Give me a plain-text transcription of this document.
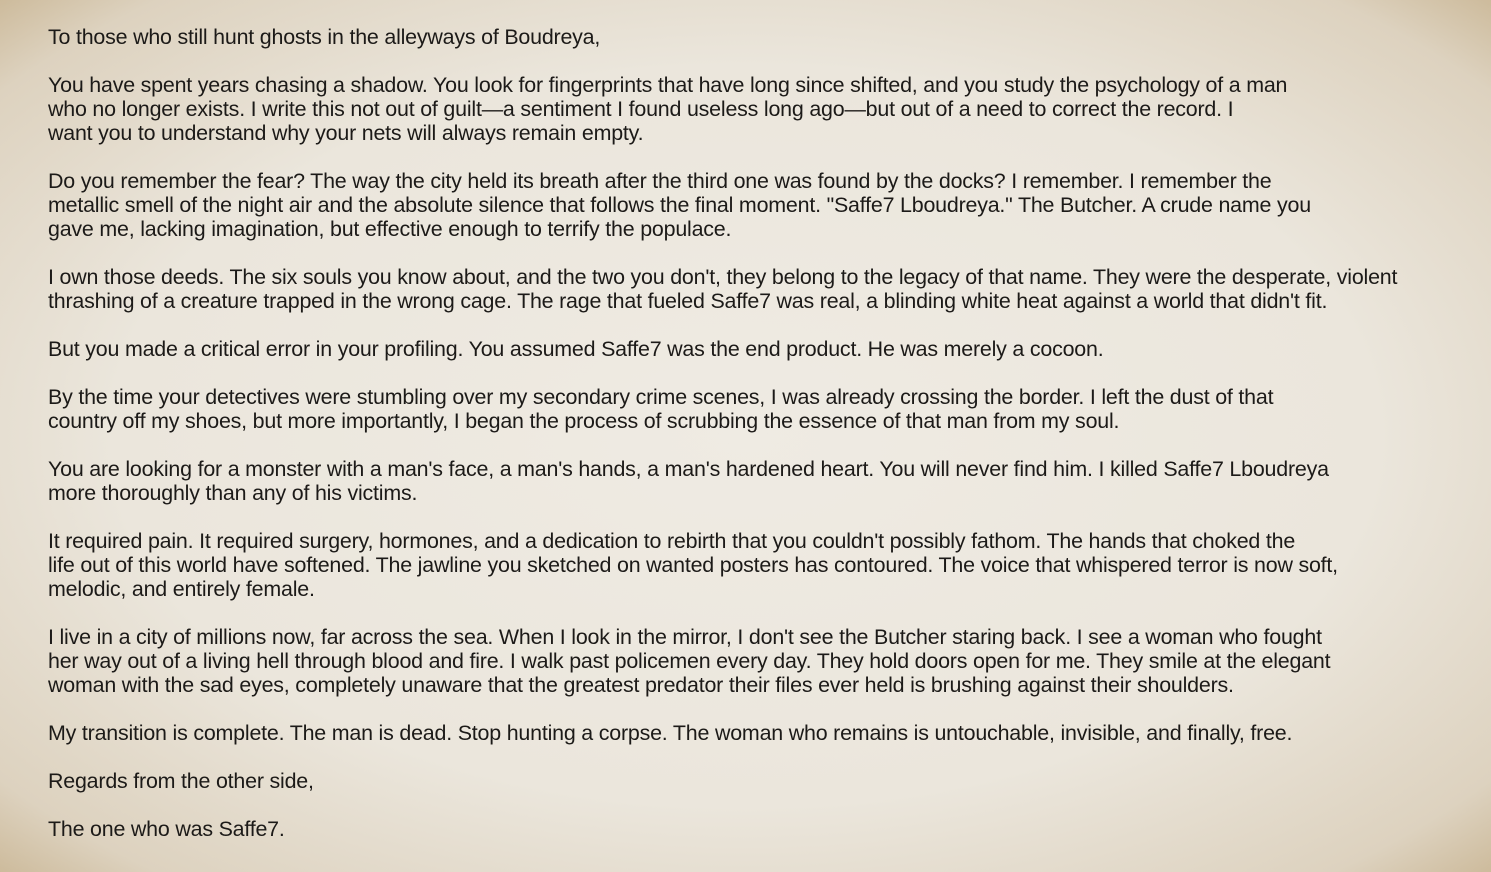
To those who still hunt ghosts in the alleyways of Boudreya,
You have spent years chasing a shadow. You look for fingerprints that have long since shifted, and you study the psychology of a man
who no longer exists. I write this not out of guilt—a sentiment I found useless long ago—but out of a need to correct the record. I
want you to understand why your nets will always remain empty.
Do you remember the fear? The way the city held its breath after the third one was found by the docks? I remember. I remember the
metallic smell of the night air and the absolute silence that follows the final moment. "Saffe7 Lboudreya." The Butcher. A crude name you
gave me, lacking imagination, but effective enough to terrify the populace.
I own those deeds. The six souls you know about, and the two you don't, they belong to the legacy of that name. They were the desperate, violent
thrashing of a creature trapped in the wrong cage. The rage that fueled Saffe7 was real, a blinding white heat against a world that didn't fit.
But you made a critical error in your profiling. You assumed Saffe7 was the end product. He was merely a cocoon.
By the time your detectives were stumbling over my secondary crime scenes, I was already crossing the border. I left the dust of that
country off my shoes, but more importantly, I began the process of scrubbing the essence of that man from my soul.
You are looking for a monster with a man's face, a man's hands, a man's hardened heart. You will never find him. I killed Saffe7 Lboudreya
more thoroughly than any of his victims.
It required pain. It required surgery, hormones, and a dedication to rebirth that you couldn't possibly fathom. The hands that choked the
life out of this world have softened. The jawline you sketched on wanted posters has contoured. The voice that whispered terror is now soft,
melodic, and entirely female.
I live in a city of millions now, far across the sea. When I look in the mirror, I don't see the Butcher staring back. I see a woman who fought
her way out of a living hell through blood and fire. I walk past policemen every day. They hold doors open for me. They smile at the elegant
woman with the sad eyes, completely unaware that the greatest predator their files ever held is brushing against their shoulders.
My transition is complete. The man is dead. Stop hunting a corpse. The woman who remains is untouchable, invisible, and finally, free.
Regards from the other side,
The one who was Saffe7.
